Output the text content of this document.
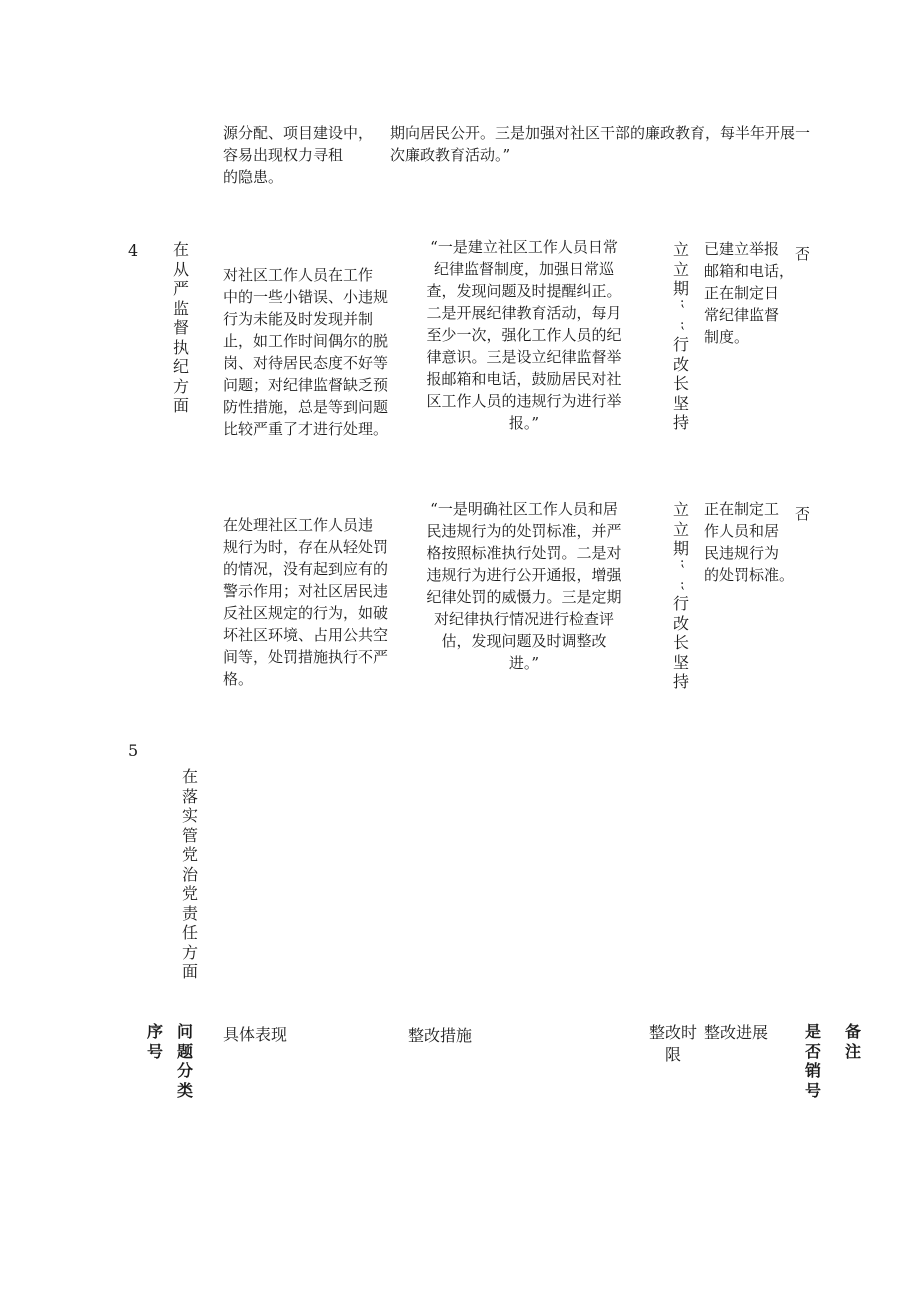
源分配、项目建设中，
容易出现权力寻租
的隐患。
期向居民公开。三是加强对社区干部的廉政教育，每半年开展一
次廉政教育活动。”
4 在从严监督执纪方面
对社区工作人员在工作
中的一些小错误、小违规
行为未能及时发现并制
止，如工作时间偶尔的脱
岗、对待居民态度不好等
问题；对纪律监督缺乏预
防性措施，总是等到问题
比较严重了才进行处理。
“一是建立社区工作人员日常
纪律监督制度，加强日常巡
查，发现问题及时提醒纠正。
二是开展纪律教育活动，每月
至少一次，强化工作人员的纪
律意识。三是设立纪律监督举
报邮箱和电话，鼓励居民对社
区工作人员的违规行为进行举
报。”
立立期
⁏
⁏
行改长坚持
已建立举报
邮箱和电话，
正在制定日
常纪律监督
制度。
否
在处理社区工作人员违
规行为时，存在从轻处罚
的情况，没有起到应有的
警示作用；对社区居民违
反社区规定的行为，如破
坏社区环境、占用公共空
间等，处罚措施执行不严
格。
“一是明确社区工作人员和居
民违规行为的处罚标准，并严
格按照标准执行处罚。二是对
违规行为进行公开通报，增强
纪律处罚的威慑力。三是定期
对纪律执行情况进行检查评
估，发现问题及时调整改
进。”
立立期
⁏
⁏
行改长坚持
正在制定工
作人员和居
民违规行为
的处罚标准。
否
5
在落实管党治党责任方面
序号
问题分类
具体表现	整改措施	整改时
限
整改进展 是否销号
备注
